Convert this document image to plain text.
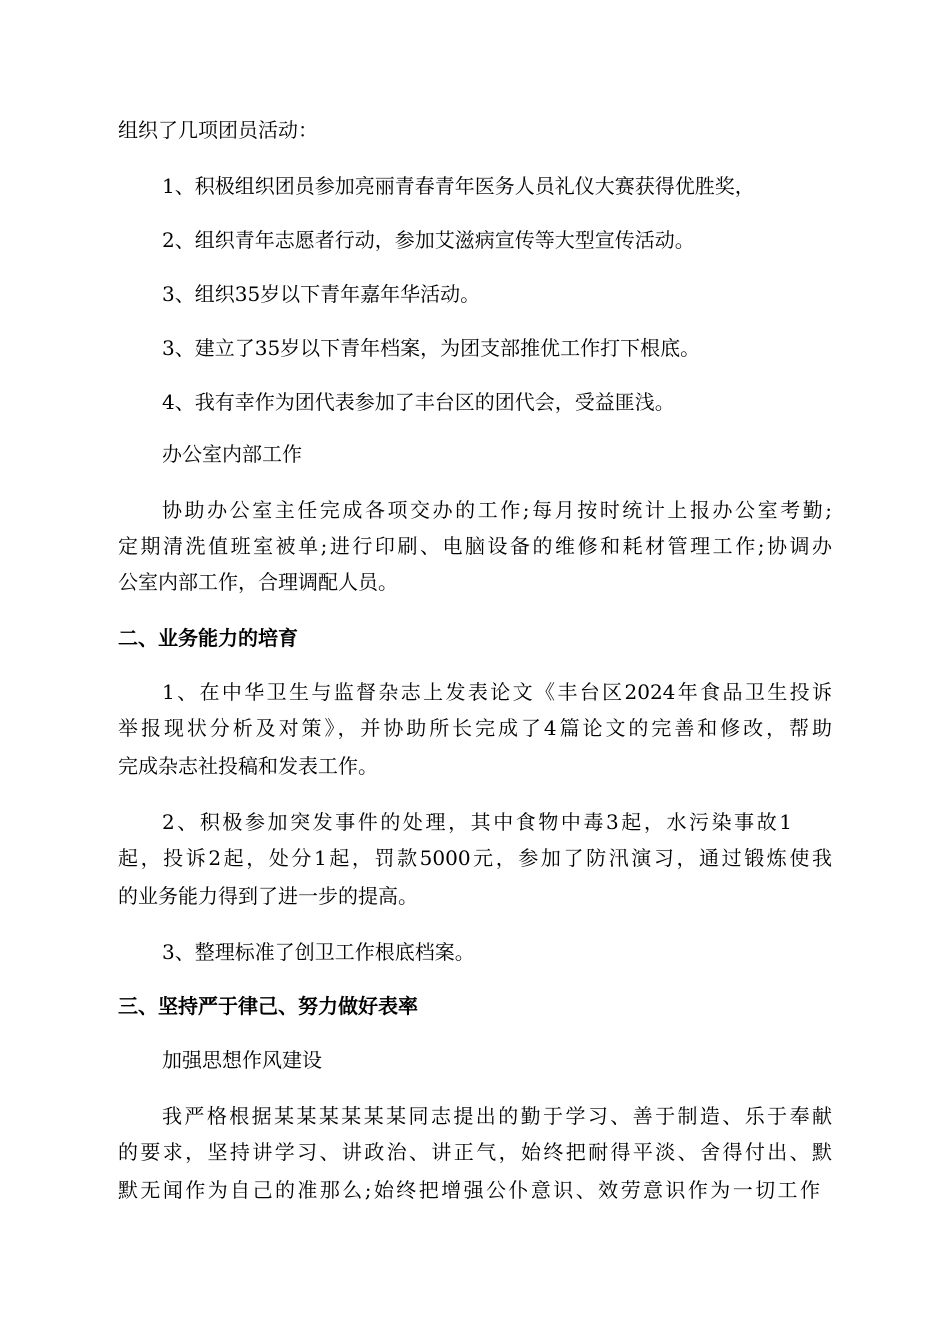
组织了几项团员活动：
1、积极组织团员参加亮丽青春青年医务人员礼仪大赛获得优胜奖，
2、组织青年志愿者行动，参加艾滋病宣传等大型宣传活动。
3、组织35岁以下青年嘉年华活动。
3、建立了35岁以下青年档案，为团支部推优工作打下根底。
4、我有幸作为团代表参加了丰台区的团代会，受益匪浅。
办公室内部工作
协助办公室主任完成各项交办的工作;每月按时统计上报办公室考勤;
定期清洗值班室被单;进行印刷、电脑设备的维修和耗材管理工作;协调办
公室内部工作，合理调配人员。
二、业务能力的培育
1、在中华卫生与监督杂志上发表论文《丰台区2024年食品卫生投诉
举报现状分析及对策》，并协助所长完成了4篇论文的完善和修改，帮助
完成杂志社投稿和发表工作。
2、积极参加突发事件的处理，其中食物中毒3起，水污染事故1
起，投诉2起，处分1起，罚款5000元，参加了防汛演习，通过锻炼使我
的业务能力得到了进一步的提高。
3、整理标准了创卫工作根底档案。
三、坚持严于律己、努力做好表率
加强思想作风建设
我严格根据某某某某某某同志提出的勤于学习、善于制造、乐于奉献
的要求，坚持讲学习、讲政治、讲正气，始终把耐得平淡、舍得付出、默
默无闻作为自己的准那么;始终把增强公仆意识、效劳意识作为一切工作
